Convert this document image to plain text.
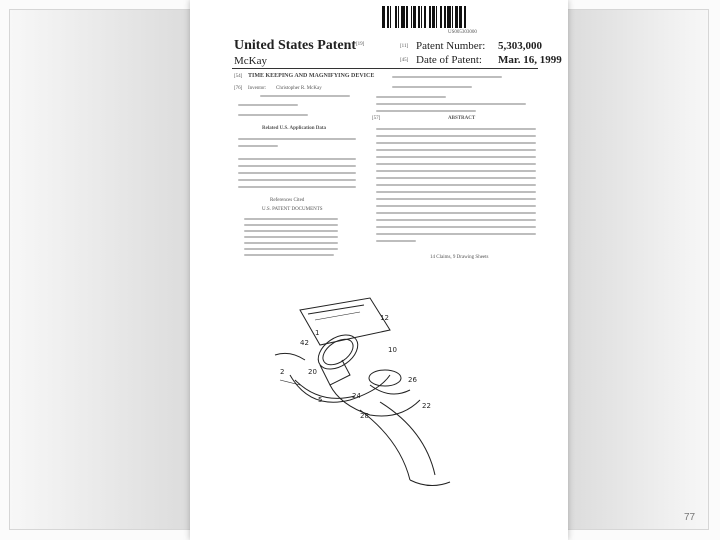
US005303000
United States Patent [19]
McKay
[11] Patent Number: 5,303,000
[45] Date of Patent: Mar. 16, 1999
[54] TIME KEEPING AND MAGNIFYING DEVICE
[76] Inventor: Christopher R. McKay
Related U.S. Application Data
References Cited
U.S. PATENT DOCUMENTS
[57]	ABSTRACT
14 Claims, 9 Drawing Sheets
1
2
5
10
12
20
22
24
26
28
42
77
